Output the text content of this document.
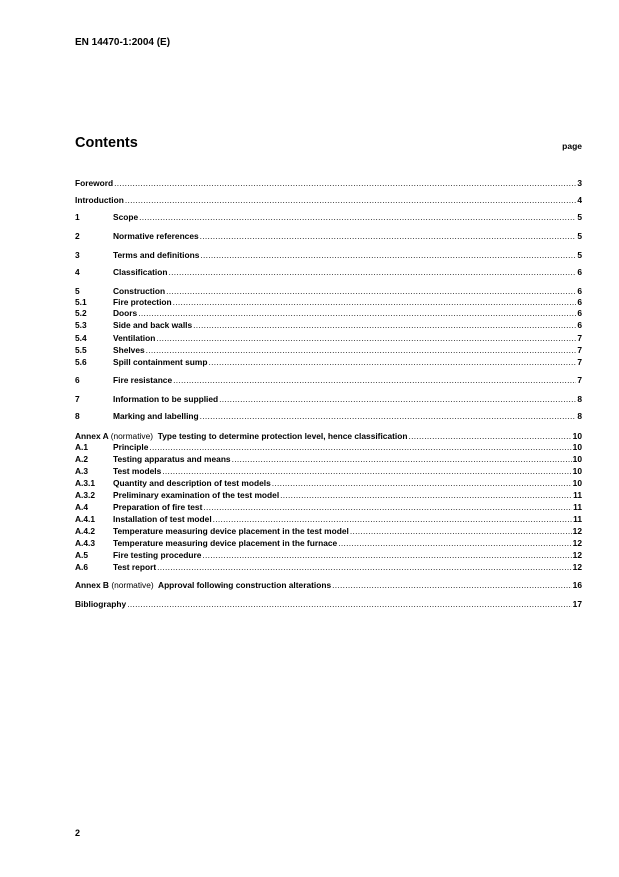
EN 14470-1:2004 (E)
Contents	page
Foreword .....	3
Introduction .....	4
1	Scope .....	5
2	Normative references .....	5
3	Terms and definitions .....	5
4	Classification .....	6
5	Construction .....	6
5.1	Fire protection .....	6
5.2	Doors .....	6
5.3	Side and back walls .....	6
5.4	Ventilation .....	7
5.5	Shelves .....	7
5.6	Spill containment sump .....	7
6	Fire resistance .....	7
7	Information to be supplied .....	8
8	Marking and labelling .....	8
Annex A (normative) Type testing to determine protection level, hence classification .....	10
A.1	Principle .....	10
A.2	Testing apparatus and means .....	10
A.3	Test models .....	10
A.3.1	Quantity and description of test models .....	10
A.3.2	Preliminary examination of the test model .....	11
A.4	Preparation of fire test .....	11
A.4.1	Installation of test model .....	11
A.4.2	Temperature measuring device placement in the test model .....	12
A.4.3	Temperature measuring device placement in the furnace .....	12
A.5	Fire testing procedure .....	12
A.6	Test report .....	12
Annex B (normative) Approval following construction alterations .....	16
Bibliography .....	17
2
